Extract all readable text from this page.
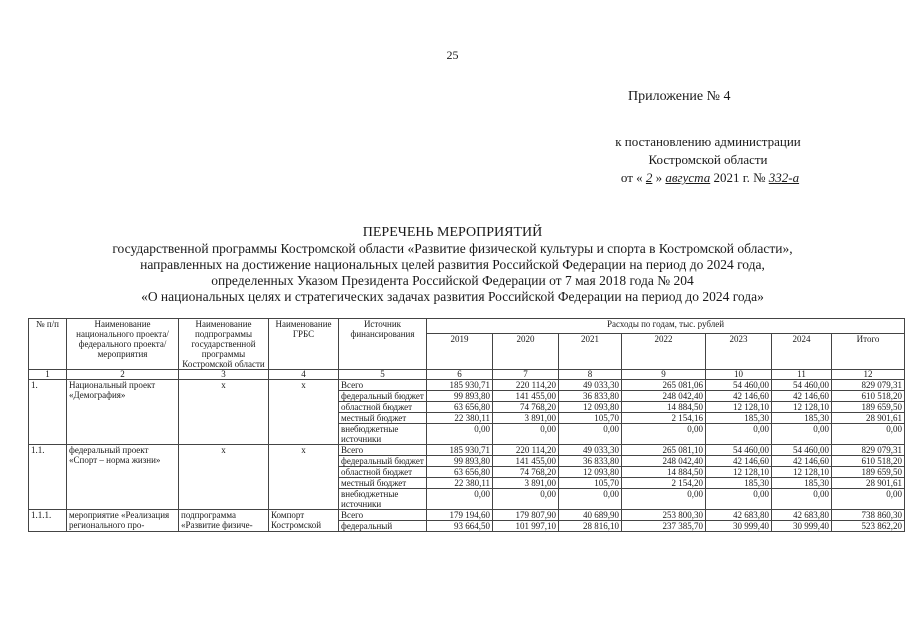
25
Приложение № 4
к постановлению администрации
Костромской области
от « 2 » августа 2021 г. № 332-а
ПЕРЕЧЕНЬ МЕРОПРИЯТИЙ
государственной программы Костромской области «Развитие физической культуры и спорта в Костромской области»,
направленных на достижение национальных целей развития Российской Федерации на период до 2024 года,
определенных Указом Президента Российской Федерации от 7 мая 2018 года № 204
«О национальных целях и стратегических задачах развития Российской Федерации на период до 2024 года»
№ п/п	Наименование национального проекта/федерального проекта/мероприятия	Наименование подпрограммы государственной программы Костромской области	Наименование ГРБС	Источник финансирования	Расходы по годам, тыс. рублей						
					2019	2020	2021	2022	2023	2024	Итого
1	2	3	4	5	6	7	8	9	10	11	12
1.	Национальный проект «Демография»	х	х	Всего	185 930,71	220 114,20	49 033,30	265 081,06	54 460,00	54 460,00	829 079,31
				федеральный бюджет	99 893,80	141 455,00	36 833,80	248 042,40	42 146,60	42 146,60	610 518,20
				областной бюджет	63 656,80	74 768,20	12 093,80	14 884,50	12 128,10	12 128,10	189 659,50
				местный бюджет	22 380,11	3 891,00	105,70	2 154,16	185,30	185,30	28 901,61
				внебюджетные источники	0,00	0,00	0,00	0,00	0,00	0,00	0,00
1.1.	федеральный проект «Спорт – норма жизни»	х	х	Всего	185 930,71	220 114,20	49 033,30	265 081,10	54 460,00	54 460,00	829 079,31
				федеральный бюджет	99 893,80	141 455,00	36 833,80	248 042,40	42 146,60	42 146,60	610 518,20
				областной бюджет	63 656,80	74 768,20	12 093,80	14 884,50	12 128,10	12 128,10	189 659,50
				местный бюджет	22 380,11	3 891,00	105,70	2 154,20	185,30	185,30	28 901,61
				внебюджетные источники	0,00	0,00	0,00	0,00	0,00	0,00	0,00
1.1.1.	мероприятие «Реализация регионального про-	подпрограмма «Развитие физиче-	Компорт Костромской	Всего	179 194,60	179 807,90	40 689,90	253 800,30	42 683,80	42 683,80	738 860,30
				федеральный	93 664,50	101 997,10	28 816,10	237 385,70	30 999,40	30 999,40	523 862,20
